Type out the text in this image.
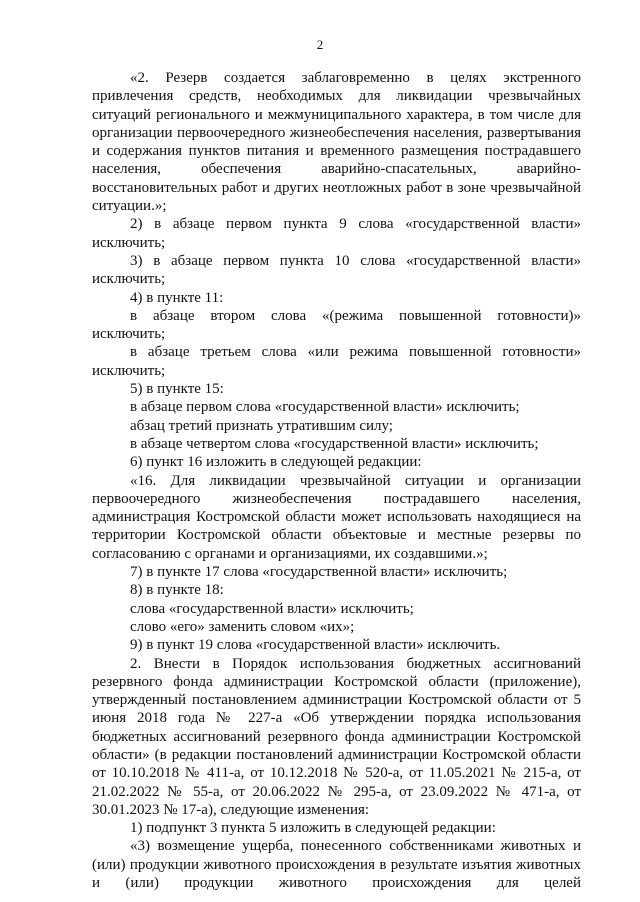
2

«2. Резерв создается заблаговременно в целях экстренного привлечения средств, необходимых для ликвидации чрезвычайных ситуаций регионального и межмуниципального характера, в том числе для организации первоочередного жизнеобеспечения населения, развертывания и содержания пунктов питания и временного размещения пострадавшего населения, обеспечения аварийно-спасательных, аварийно-восстановительных работ и других неотложных работ в зоне чрезвычайной ситуации.»;

2) в абзаце первом пункта 9 слова «государственной власти» исключить;

3) в абзаце первом пункта 10 слова «государственной власти» исключить;

4) в пункте 11:

в абзаце втором слова «(режима повышенной готовности)» исключить;

в абзаце третьем слова «или режима повышенной готовности» исключить;

5) в пункте 15:

в абзаце первом слова «государственной власти» исключить;

абзац третий признать утратившим силу;

в абзаце четвертом слова «государственной власти» исключить;

6) пункт 16 изложить в следующей редакции:

«16. Для ликвидации чрезвычайной ситуации и организации первоочередного жизнеобеспечения пострадавшего населения, администрация Костромской области может использовать находящиеся на территории Костромской области объектовые и местные резервы по согласованию с органами и организациями, их создавшими.»;

7) в пункте 17 слова «государственной власти» исключить;

8) в пункте 18:

слова «государственной власти» исключить;

слово «его» заменить словом «их»;

9) в пункт 19 слова «государственной власти» исключить.

2. Внести в Порядок использования бюджетных ассигнований резервного фонда администрации Костромской области (приложение), утвержденный постановлением администрации Костромской области от 5 июня 2018 года № 227-а «Об утверждении порядка использования бюджетных ассигнований резервного фонда администрации Костромской области» (в редакции постановлений администрации Костромской области от 10.10.2018 № 411-а, от 10.12.2018 № 520-а, от 11.05.2021 № 215-а, от 21.02.2022 № 55-а, от 20.06.2022 № 295-а, от 23.09.2022 № 471-а, от 30.01.2023 № 17-а), следующие изменения:

1) подпункт 3 пункта 5 изложить в следующей редакции:

«3) возмещение ущерба, понесенного собственниками животных и (или) продукции животного происхождения в результате изъятия животных и (или) продукции животного происхождения для целей
